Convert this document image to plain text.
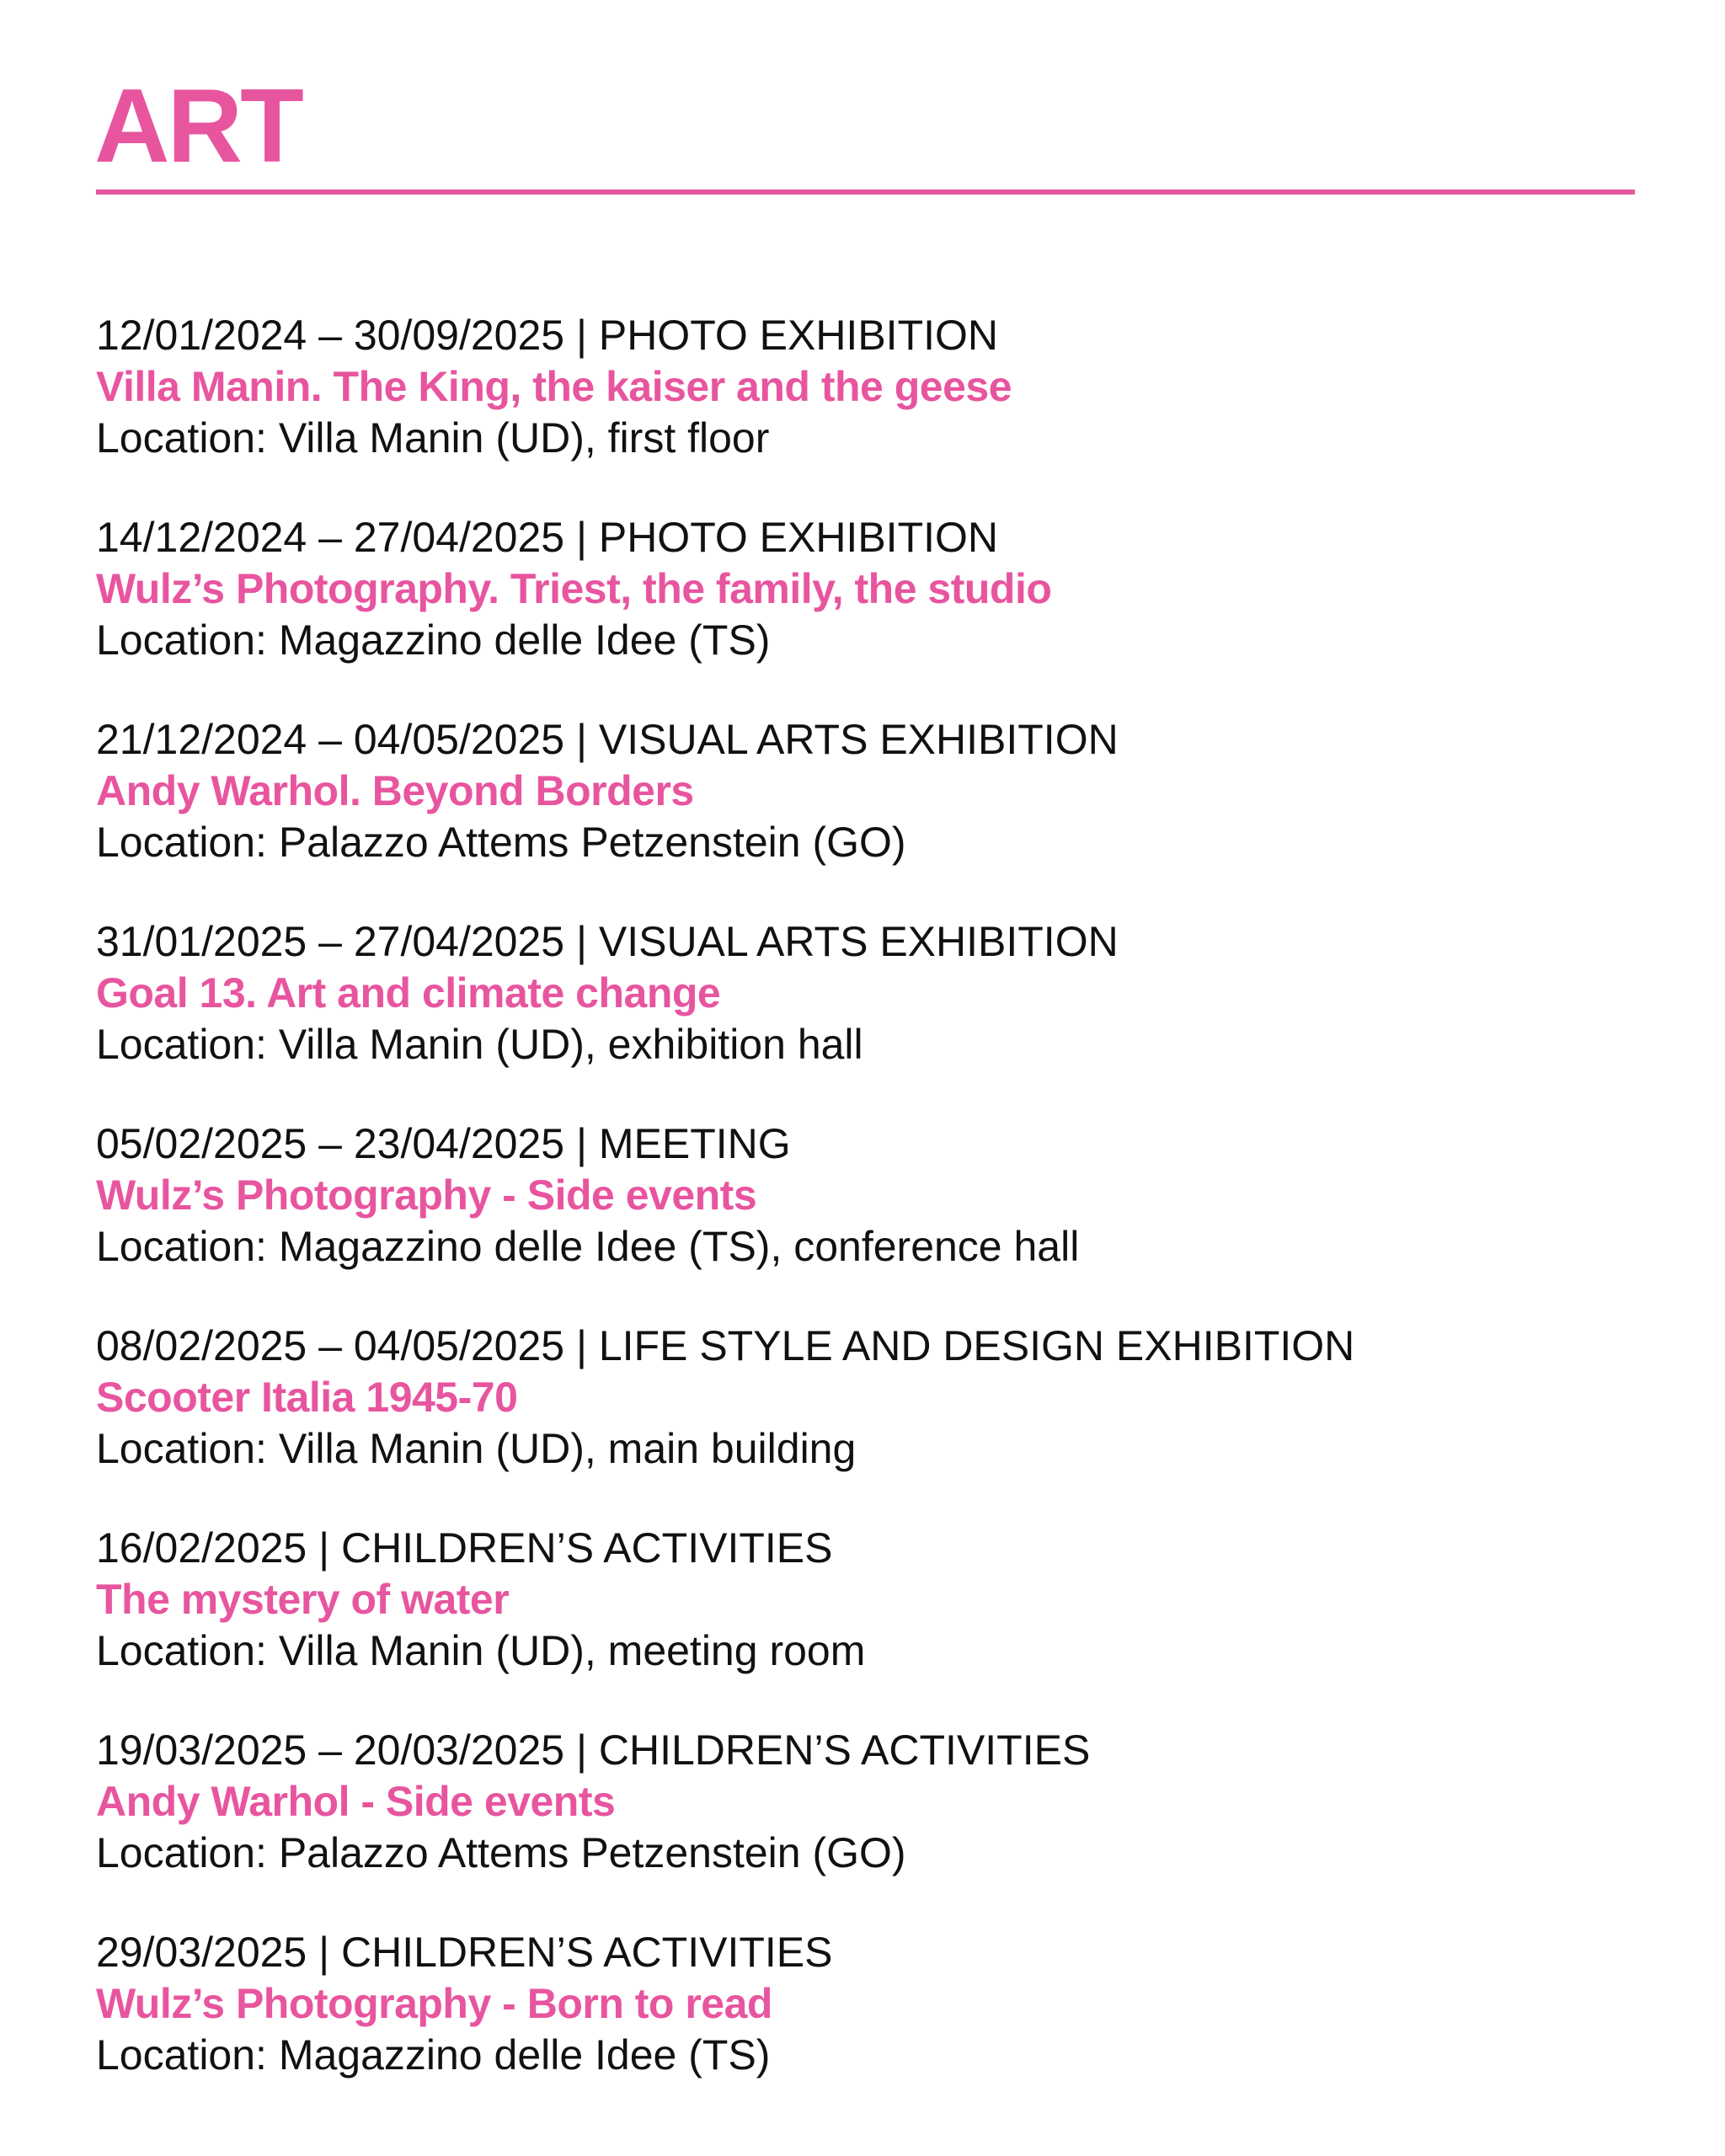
ART
12/01/2024 – 30/09/2025 | PHOTO EXHIBITION
Villa Manin. The King, the kaiser and the geese
Location: Villa Manin (UD), first floor
14/12/2024 – 27/04/2025 | PHOTO EXHIBITION
Wulz’s Photography. Triest, the family, the studio
Location: Magazzino delle Idee (TS)
21/12/2024 – 04/05/2025 | VISUAL ARTS EXHIBITION
Andy Warhol. Beyond Borders
Location: Palazzo Attems Petzenstein (GO)
31/01/2025 – 27/04/2025 | VISUAL ARTS EXHIBITION
Goal 13. Art and climate change
Location: Villa Manin (UD), exhibition hall
05/02/2025 – 23/04/2025 | MEETING
Wulz’s Photography - Side events
Location: Magazzino delle Idee (TS), conference hall
08/02/2025 – 04/05/2025 | LIFE STYLE AND DESIGN EXHIBITION
Scooter Italia 1945-70
Location: Villa Manin (UD), main building
16/02/2025 | CHILDREN’S ACTIVITIES
The mystery of water
Location: Villa Manin (UD), meeting room
19/03/2025 – 20/03/2025 | CHILDREN’S ACTIVITIES
Andy Warhol - Side events
Location: Palazzo Attems Petzenstein (GO)
29/03/2025 | CHILDREN’S ACTIVITIES
Wulz’s Photography - Born to read
Location: Magazzino delle Idee (TS)
